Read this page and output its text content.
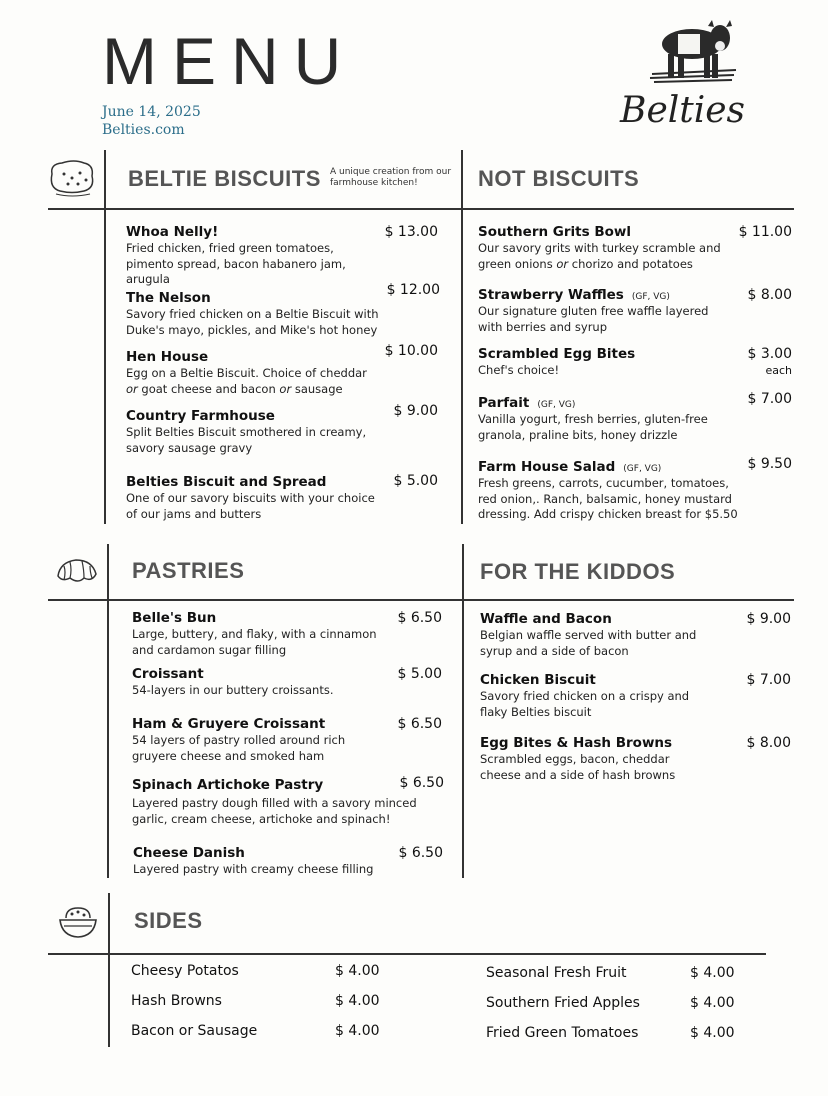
MENU
June 14, 2025
Belties.com	Belties
BELTIE BISCUITS A unique creation from our farmhouse kitchen!	NOT BISCUITS
Whoa Nelly!	$ 13.00
Fried chicken, fried green tomatoes, pimento spread, bacon habanero jam, arugula
The Nelson	$ 12.00
Savory fried chicken on a Beltie Biscuit with Duke's mayo, pickles, and Mike's hot honey
Hen House	$ 10.00
Egg on a Beltie Biscuit. Choice of cheddar or goat cheese and bacon or sausage
Country Farmhouse	$ 9.00
Split Belties Biscuit smothered in creamy, savory sausage gravy
Belties Biscuit and Spread	$ 5.00
One of our savory biscuits with your choice of our jams and butters
Southern Grits Bowl	$ 11.00
Our savory grits with turkey scramble and green onions or chorizo and potatoes
Strawberry Waffles (GF, VG)	$ 8.00
Our signature gluten free waffle layered with berries and syrup
Scrambled Egg Bites	$ 3.00
each
Chef's choice!
Parfait (GF, VG)	$ 7.00
Vanilla yogurt, fresh berries, gluten-free granola, praline bits, honey drizzle
Farm House Salad (GF, VG)	$ 9.50
Fresh greens, carrots, cucumber, tomatoes, red onion,. Ranch, balsamic, honey mustard dressing. Add crispy chicken breast for $5.50
PASTRIES	FOR THE KIDDOS
Belle's Bun	$ 6.50
Large, buttery, and flaky, with a cinnamon and cardamon sugar filling
Croissant	$ 5.00
54-layers in our buttery croissants.
Ham & Gruyere Croissant	$ 6.50
54 layers of pastry rolled around rich gruyere cheese and smoked ham
Spinach Artichoke Pastry	$ 6.50
Layered pastry dough filled with a savory minced garlic, cream cheese, artichoke and spinach!
Cheese Danish	$ 6.50
Layered pastry with creamy cheese filling
Waffle and Bacon	$ 9.00
Belgian waffle served with butter and syrup and a side of bacon
Chicken Biscuit	$ 7.00
Savory fried chicken on a crispy and flaky Belties biscuit
Egg Bites & Hash Browns	$ 8.00
Scrambled eggs, bacon, cheddar cheese and a side of hash browns
SIDES
Cheesy Potatos	$ 4.00
Hash Browns	$ 4.00
Bacon or Sausage	$ 4.00
Seasonal Fresh Fruit	$ 4.00
Southern Fried Apples	$ 4.00
Fried Green Tomatoes	$ 4.00
